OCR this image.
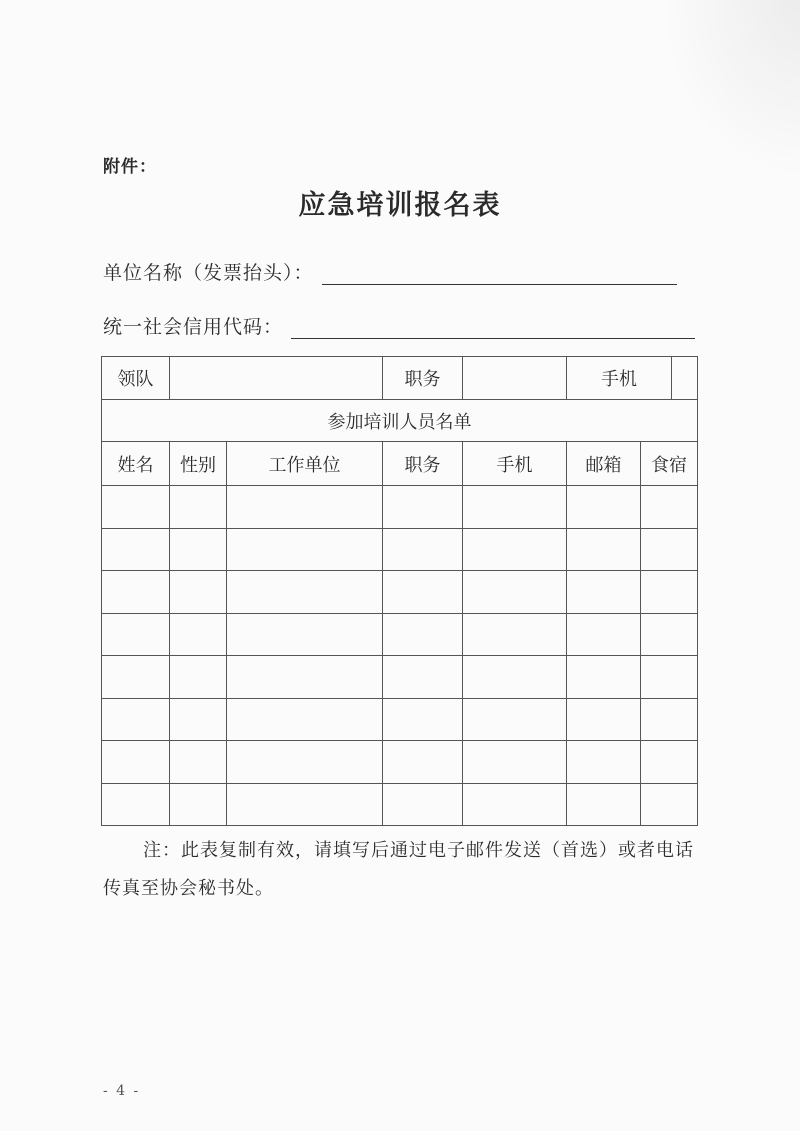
附件：
应急培训报名表
单位名称（发票抬头）：
统一社会信用代码：
领队			职务		手机	

参加培训人员名单						
姓名	性别	工作单位	职务	手机	邮箱	食宿

注：此表复制有效，请填写后通过电子邮件发送（首选）或者电话传真至协会秘书处。
- 4 -
